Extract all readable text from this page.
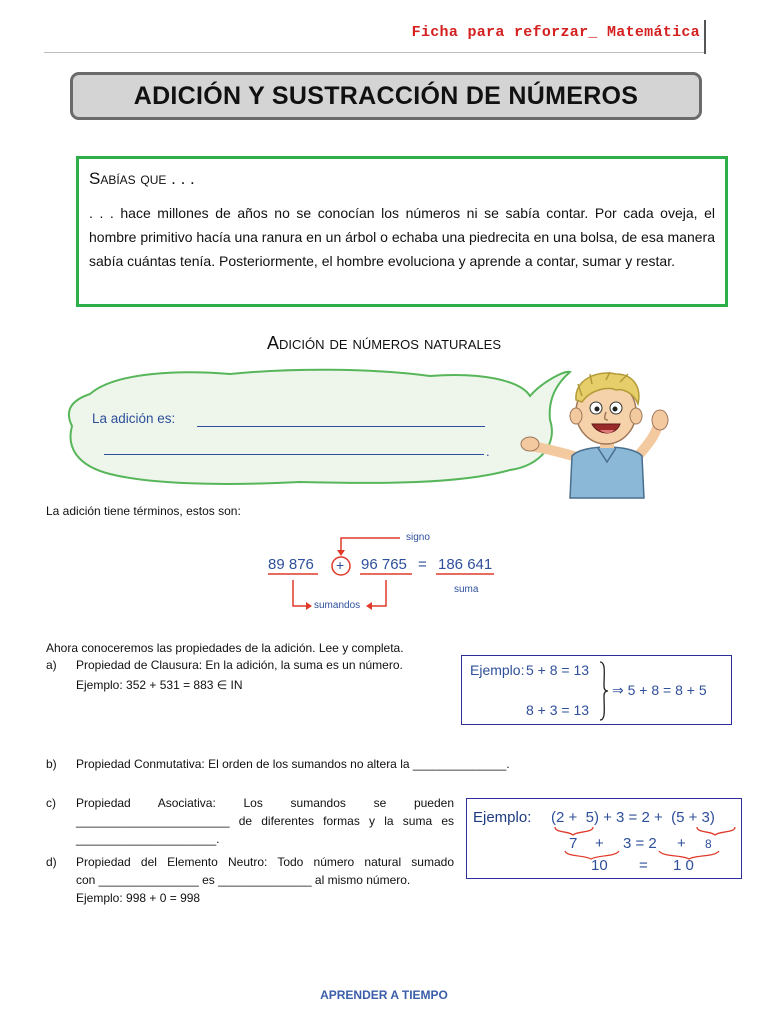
Ficha para reforzar_ Matemática
ADICIÓN Y SUSTRACCIÓN DE NÚMEROS
Sabías que . . .
. . . hace millones de años no se conocían los números ni se sabía contar. Por cada oveja, el hombre primitivo hacía una ranura en un árbol o echaba una piedrecita en una bolsa, de esa manera sabía cuántas tenía. Posteriormente, el hombre evoluciona y aprende a contar, sumar y restar.
Adición de números naturales
La adición es:
.
La adición tiene términos, estos son:
89 876 + 96 765 = 186 641
signo
sumandos
suma
Ahora conoceremos las propiedades de la adición. Lee y completa.
a)	Propiedad de Clausura: En la adición, la suma es un número.
Ejemplo: 352 + 531 = 883 ∈ IN
b)	Propiedad Conmutativa: El orden de los sumandos no altera la ______________.
c)	Propiedad Asociativa: Los sumandos se pueden
_______________________ de diferentes formas y la suma es
_____________________.
d)	Propiedad del Elemento Neutro: Todo número natural sumado
con _______________ es ______________ al mismo número.
Ejemplo: 998 + 0 = 998
Ejemplo: 5 + 8 = 13
8 + 3 = 13
⇒ 5 + 8 = 8 + 5
Ejemplo: (2 +  5) + 3 = 2 +  (5 + 3)
7 + 3 = 2 + 8
10 = 1 0
APRENDER A TIEMPO
